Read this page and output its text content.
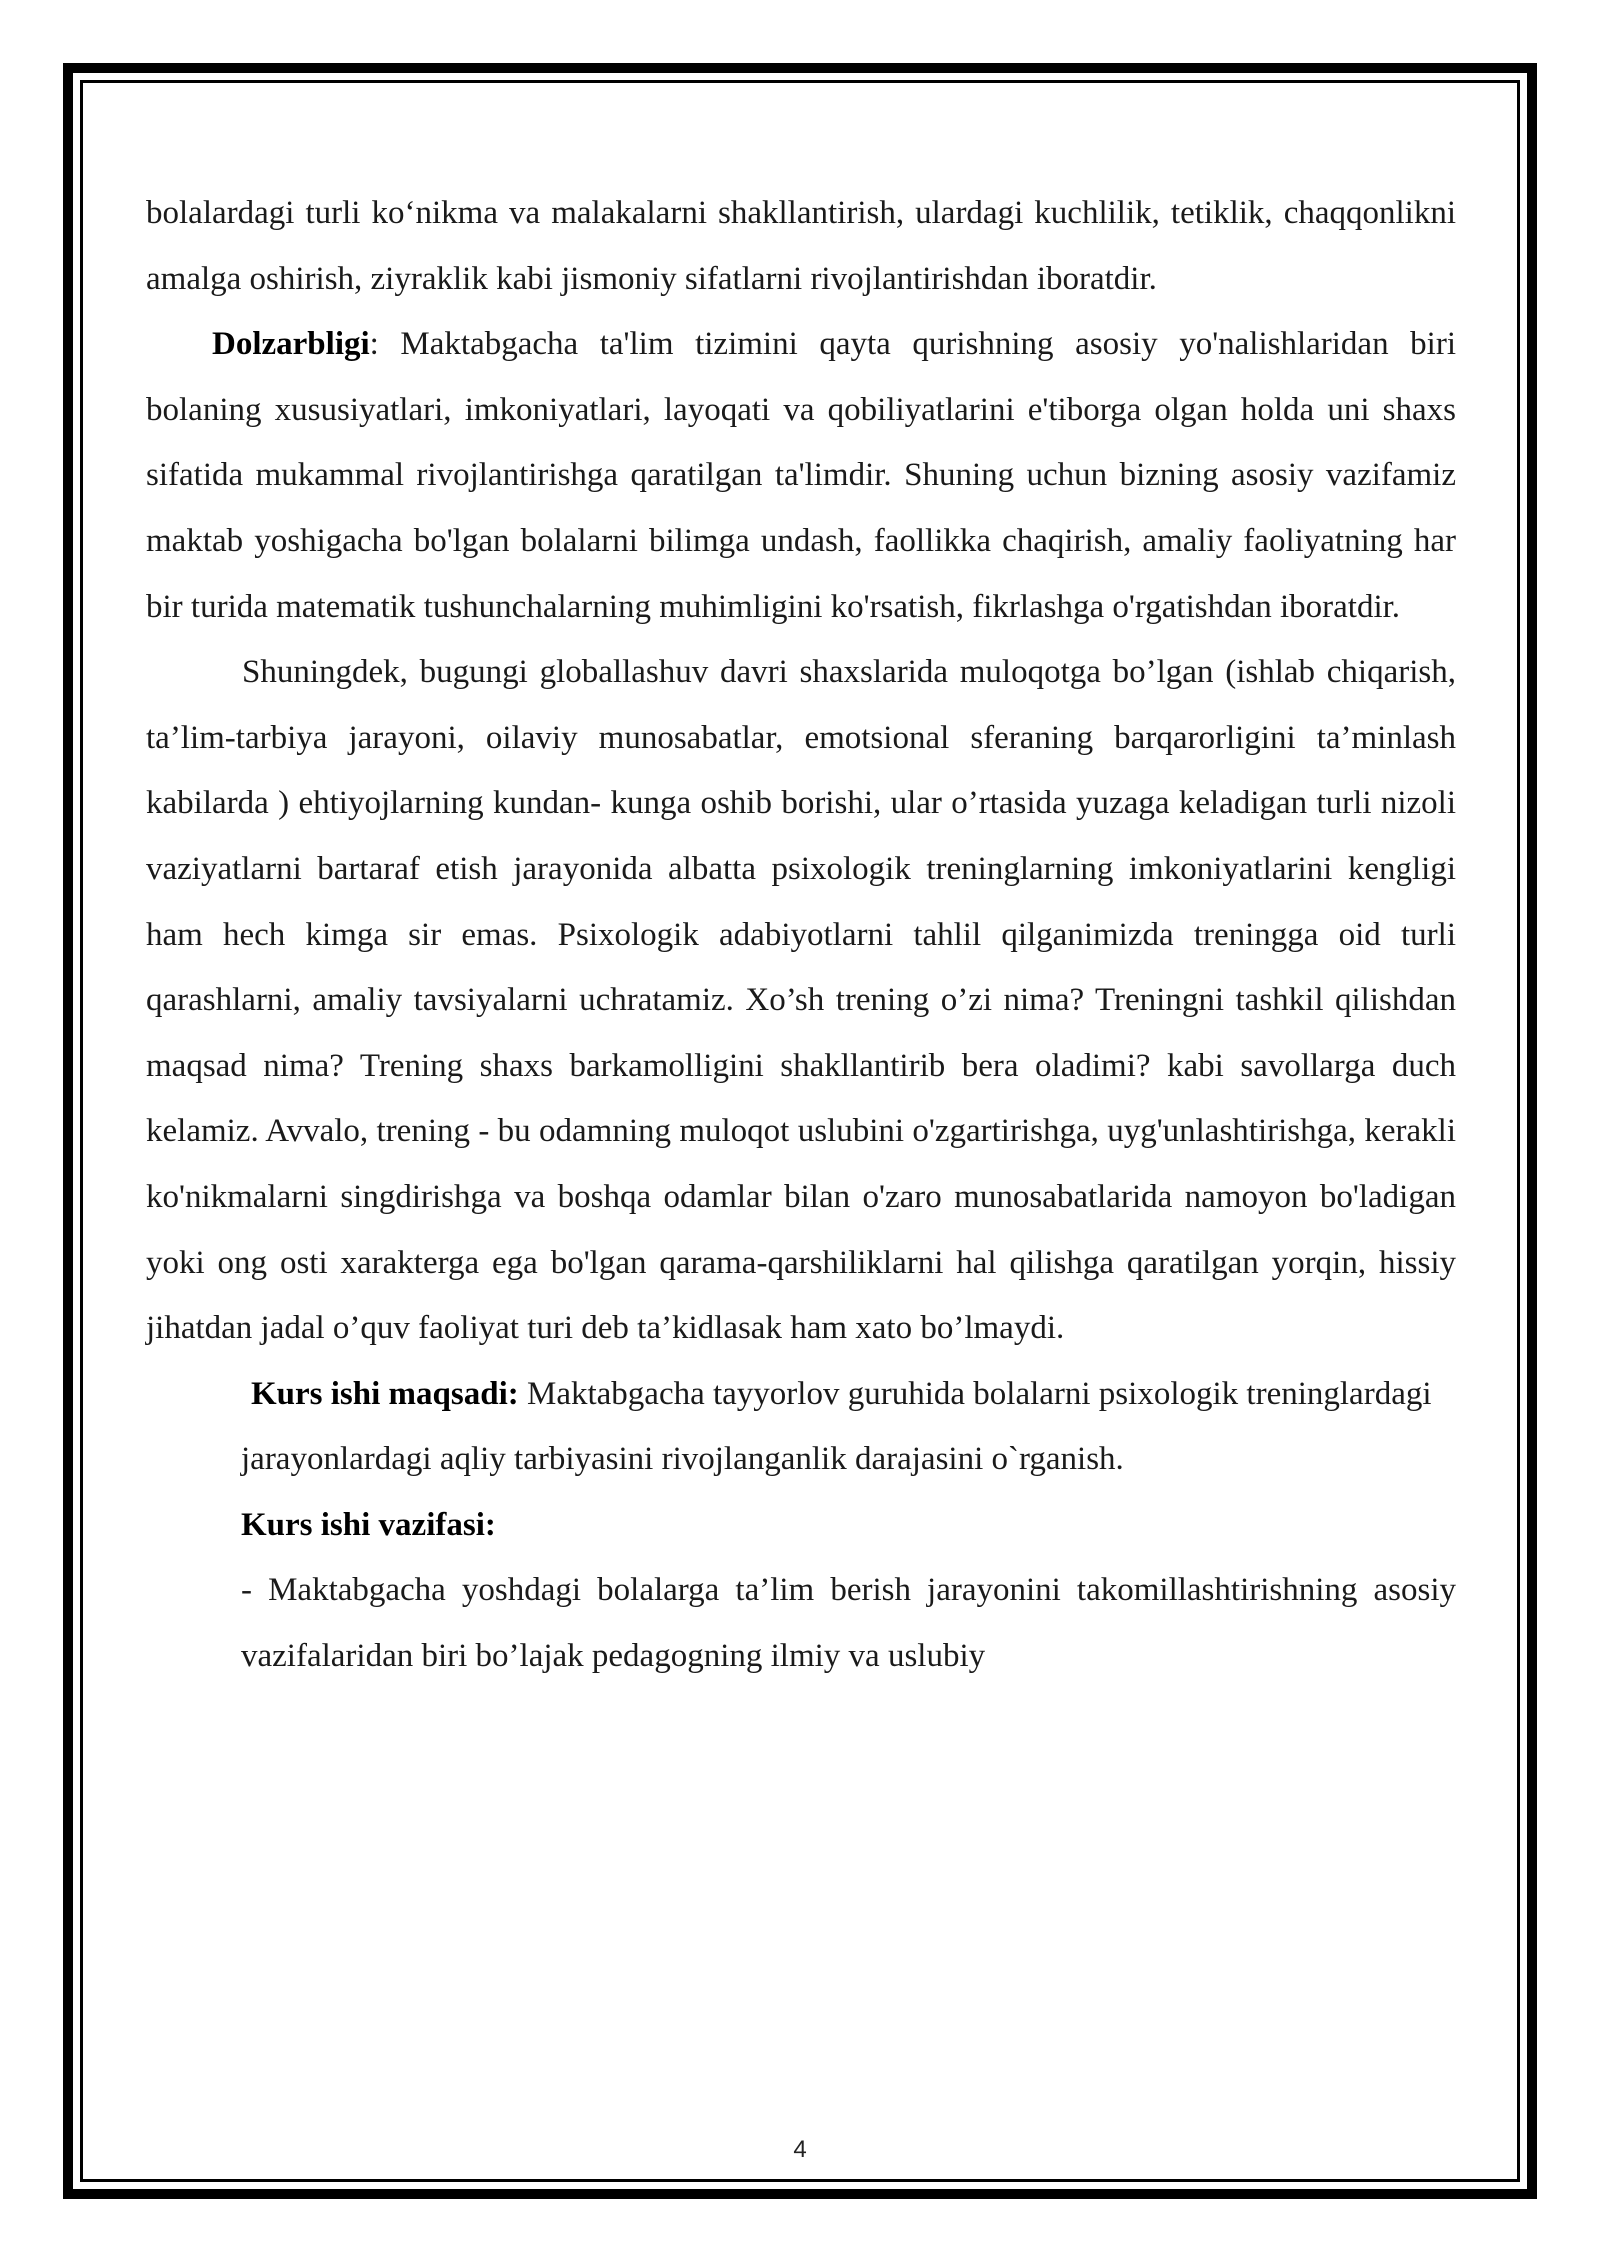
bolalardagi turli ko‘nikma va malakalarni shakllantirish, ulardagi kuchlilik, tetiklik, chaqqonlikni amalga oshirish, ziyraklik kabi jismoniy sifatlarni rivojlantirishdan iboratdir.

Dolzarbligi: Maktabgacha ta'lim tizimini qayta qurishning asosiy yo'nalishlaridan biri bolaning xususiyatlari, imkoniyatlari, layoqati va qobiliyatlarini e'tiborga olgan holda uni shaxs sifatida mukammal rivojlantirishga qaratilgan ta'limdir. Shuning uchun bizning asosiy vazifamiz maktab yoshigacha bo'lgan bolalarni bilimga undash, faollikka chaqirish, amaliy faoliyatning har bir turida matematik tushunchalarning muhimligini ko'rsatish, fikrlashga o'rgatishdan iboratdir.

Shuningdek, bugungi globallashuv davri shaxslarida muloqotga bo’lgan (ishlab chiqarish, ta’lim-tarbiya jarayoni, oilaviy munosabatlar, emotsional sferaning barqarorligini ta’minlash kabilarda ) ehtiyojlarning kundan- kunga oshib borishi, ular o’rtasida yuzaga keladigan turli nizoli vaziyatlarni bartaraf etish jarayonida albatta psixologik treninglarning imkoniyatlarini kengligi ham hech kimga sir emas. Psixologik adabiyotlarni tahlil qilganimizda treningga oid turli qarashlarni, amaliy tavsiyalarni uchratamiz. Xo’sh trening o’zi nima? Treningni tashkil qilishdan maqsad nima? Trening shaxs barkamolligini shakllantirib bera oladimi? kabi savollarga duch kelamiz. Avvalo, trening - bu odamning muloqot uslubini o'zgartirishga, uyg'unlashtirishga, kerakli ko'nikmalarni singdirishga va boshqa odamlar bilan o'zaro munosabatlarida namoyon bo'ladigan yoki ong osti xarakterga ega bo'lgan qarama-qarshiliklarni hal qilishga qaratilgan yorqin, hissiy jihatdan jadal o’quv faoliyat turi deb ta’kidlasak ham xato bo’lmaydi.

Kurs ishi maqsadi: Maktabgacha tayyorlov guruhida bolalarni psixologik treninglardagi jarayonlardagi aqliy tarbiyasini rivojlanganlik darajasini o`rganish.

Kurs ishi vazifasi:

- Maktabgacha yoshdagi bolalarga ta’lim berish jarayonini takomillashtirishning asosiy vazifalaridan biri bo’lajak pedagogning ilmiy va uslubiy

4
